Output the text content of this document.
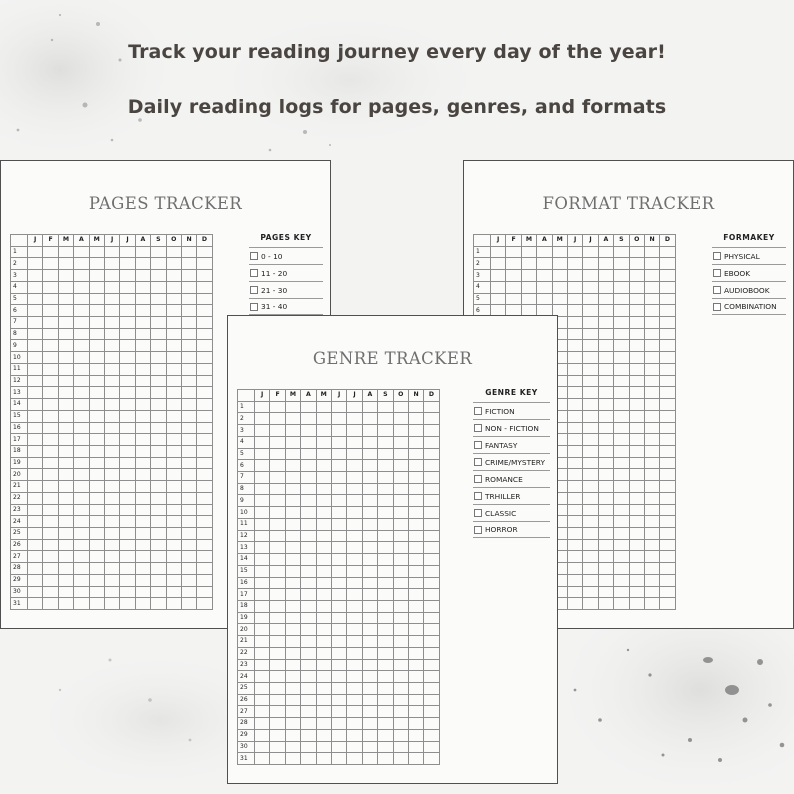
Track your reading journey every day of the year!

Daily reading logs for pages, genres, and formats

PAGES TRACKER
	J	F	M	A	M	J	J	A	S	O	N	D
1												
2												
3												
4												
5												
6												
7												
8												
9												
10												
11												
12												
13												
14												
15												
16												
17												
18												
19												
20												
21												
22												
23												
24												
25												
26												
27												
28												
29												
30												
31												

PAGES KEY

0 - 10
11 - 20
21 - 30
31 - 40
FORMAT TRACKER
	J	F	M	A	M	J	J	A	S	O	N	D
1												
2												
3												
4												
5												
6												

FORMAKEY

PHYSICAL
EBOOK
AUDIOBOOK
COMBINATION
GENRE TRACKER
	J	F	M	A	M	J	J	A	S	O	N	D
1												
2												
3												
4												
5												
6												
7												
8												
9												
10												
11												
12												
13												
14												
15												
16												
17												
18												
19												
20												
21												
22												
23												
24												
25												
26												
27												
28												
29												
30												
31												

GENRE KEY

FICTION
NON - FICTION
FANTASY
CRIME/MYSTERY
ROMANCE
TRHILLER
CLASSIC
HORROR
